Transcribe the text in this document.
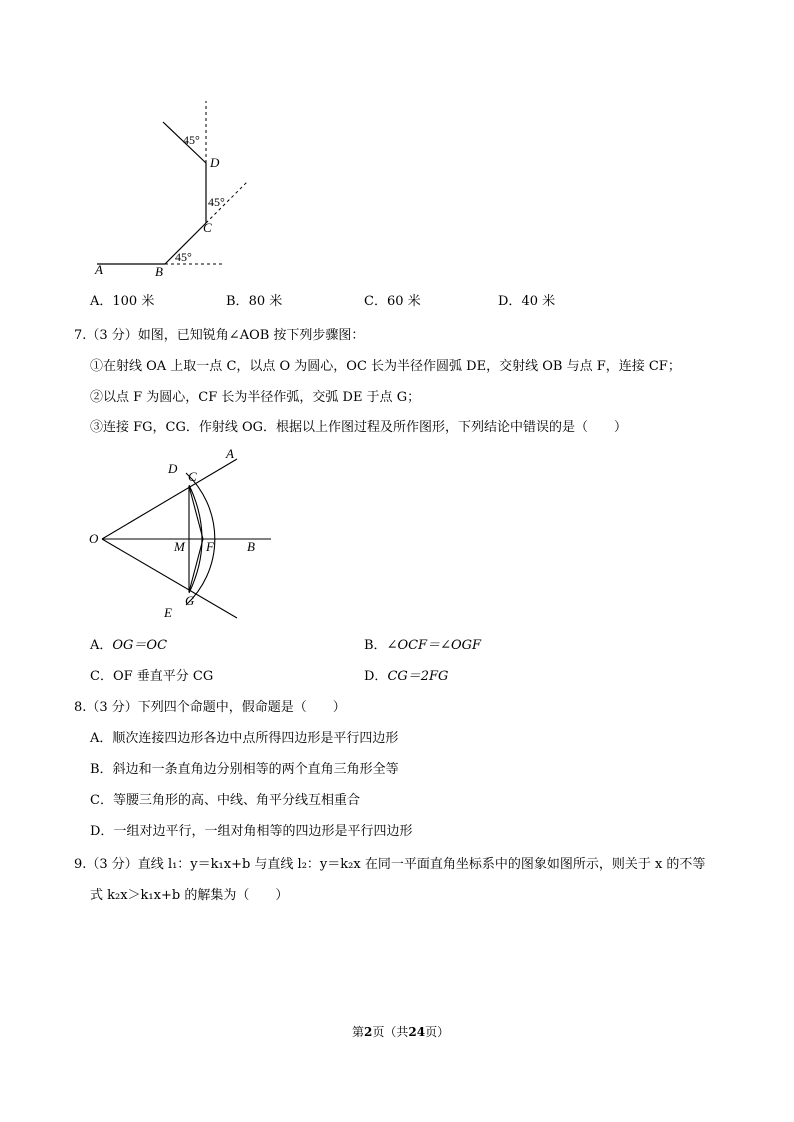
45°
45°
45°
D
C
B
A
A．100 米	B．80 米	C．60 米	D．40 米
7.（3 分）如图，已知锐角∠AOB 按下列步骤图：
①在射线 OA 上取一点 C，以点 O 为圆心，OC 长为半径作圆弧 DE，交射线 OB 与点 F，连接 CF；
②以点 F 为圆心，CF 长为半径作弧，交弧 DE 于点 G；
③连接 FG，CG．作射线 OG．根据以上作图过程及所作图形，下列结论中错误的是（　　）
A
D
C
O
M F	B
G
E
A．OG＝OC	B．∠OCF＝∠OGF
C．OF 垂直平分 CG	D．CG＝2FG
8.（3 分）下列四个命题中，假命题是（　　）
A．顺次连接四边形各边中点所得四边形是平行四边形
B．斜边和一条直角边分别相等的两个直角三角形全等
C．等腰三角形的高、中线、角平分线互相重合
D．一组对边平行，一组对角相等的四边形是平行四边形
9.（3 分）直线 l₁：y＝k₁x+b 与直线 l₂：y＝k₂x 在同一平面直角坐标系中的图象如图所示，则关于 x 的不等
式 k₂x＞k₁x+b 的解集为（　　）
第2页（共24页）
